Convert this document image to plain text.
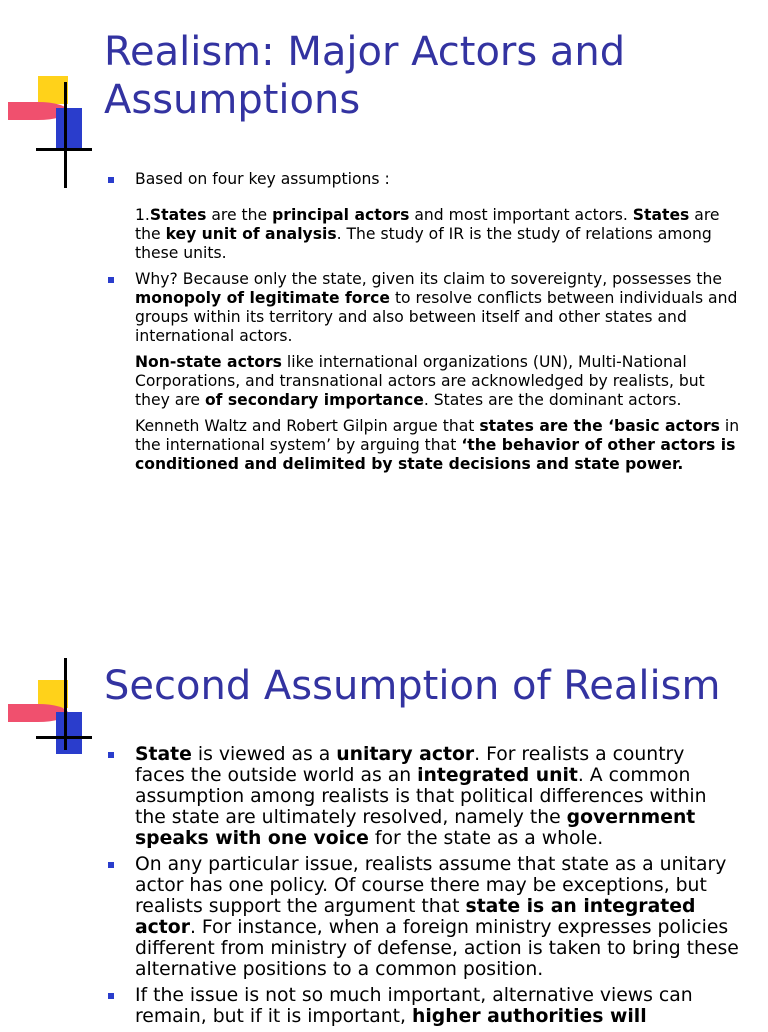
Realism: Major Actors and Assumptions
Based on four key assumptions :
1.States are the principal actors and most important actors. States are the key unit of analysis. The study of IR is the study of relations among these units.
Why? Because only the state, given its claim to sovereignty, possesses the monopoly of legitimate force to resolve conflicts between individuals and groups within its territory and also between itself and other states and international actors.
Non-state actors like international organizations (UN), Multi-National Corporations, and transnational actors are acknowledged by realists, but they are of secondary importance. States are the dominant actors.
Kenneth Waltz and Robert Gilpin argue that states are the ‘basic actors in the international system’ by arguing that ‘the behavior of other actors is conditioned and delimited by state decisions and state power.
Second Assumption of Realism
State is viewed as a unitary actor. For realists a country faces the outside world as an integrated unit. A common assumption among realists is that political differences within the state are ultimately resolved, namely the government speaks with one voice for the state as a whole.
On any particular issue, realists assume that state as a unitary actor has one policy. Of course there may be exceptions, but realists support the argument that state is an integrated actor. For instance, when a foreign ministry expresses policies different from ministry of defense, action is taken to bring these alternative positions to a common position.
If the issue is not so much important, alternative views can remain, but if it is important, higher authorities will
